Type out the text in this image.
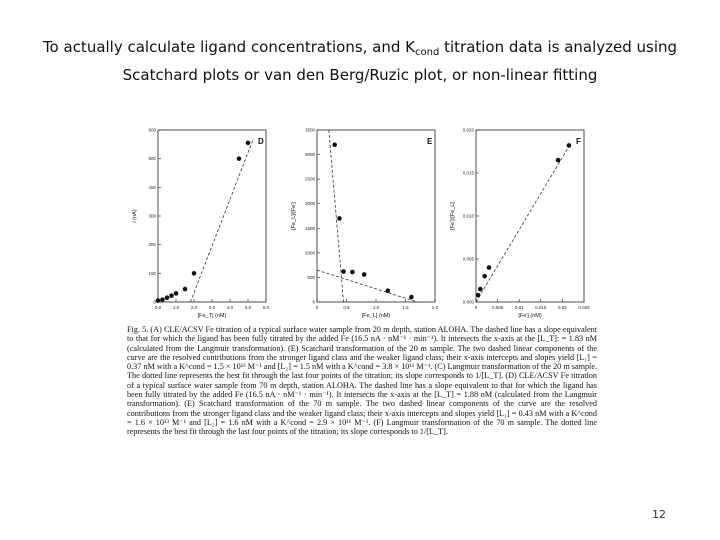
To actually calculate ligand concentrations, and $K_{cond}$ titration data is analyzed using
Scatchard plots or van den Berg/Ruzic plot, or non-linear fitting
0.0	1.0	2.0	3.0	4.0	5.0	6.0
0
100
200
300
400
500
600
D
[Fe_T] (nM)
i (nA)
0	0.5	1.0	1.5	2.0
0
500
1000
1500
2000
2500
3000
3500
E
[Fe_L] (nM)
[Fe_L]/[Fe']
0	0.005	0.01	0.015	0.02	0.025
0.000
0.005
0.010
0.015
0.020
F
[Fe'] (nM)
[Fe']/[Fe_L]
Fig. 5. (A) CLE/ACSV Fe titration of a typical surface water sample from 20 m depth, station ALOHA. The dashed line has a slope equivalent to that for which the ligand has been fully titrated by the added Fe (16.5 nA · nM⁻¹ · min⁻¹). It intersects the x-axis at the [L_T]: = 1.83 nM (calculated from the Langmuir transformation). (E) Scatchard transformation of the 20 m sample. The two dashed linear components of the curve are the resolved contributions from the stronger ligand class and the weaker ligand class; their x-axis intercepts and slopes yield [L₁] = 0.37 nM with a K^cond = 1.5 × 10¹³ M⁻¹ and [L₂] = 1.5 nM with a K^cond = 3.8 × 10¹¹ M⁻¹. (C) Langmuir transformation of the 20 m sample. The dotted line represents the best fit through the last four points of the titration; its slope corresponds to 1/[L_T]. (D) CLE/ACSV Fe titration of a typical surface water sample from 70 m depth, station ALOHA. The dashed line has a slope equivalent to that for which the ligand has been fully titrated by the added Fe (16.5 nA · nM⁻¹ · min⁻¹). It intersects the x-axis at the [L_T] = 1.88 nM (calculated from the Langmuir transformation). (E) Scatchard transformation of the 70 m sample. The two dashed linear components of the curve are the resolved contributions from the stronger ligand class and the weaker ligand class; their x-axis intercepts and slopes yield [L₁] = 0.43 nM with a K^cond = 1.6 × 10¹³ M⁻¹ and [L₂] = 1.6 nM with a K^cond = 2.9 × 10¹¹ M⁻¹. (F) Langmuir transformation of the 70 m sample. The dotted line represents the best fit through the last four points of the titration; its slope corresponds to 1/[L_T].
12
